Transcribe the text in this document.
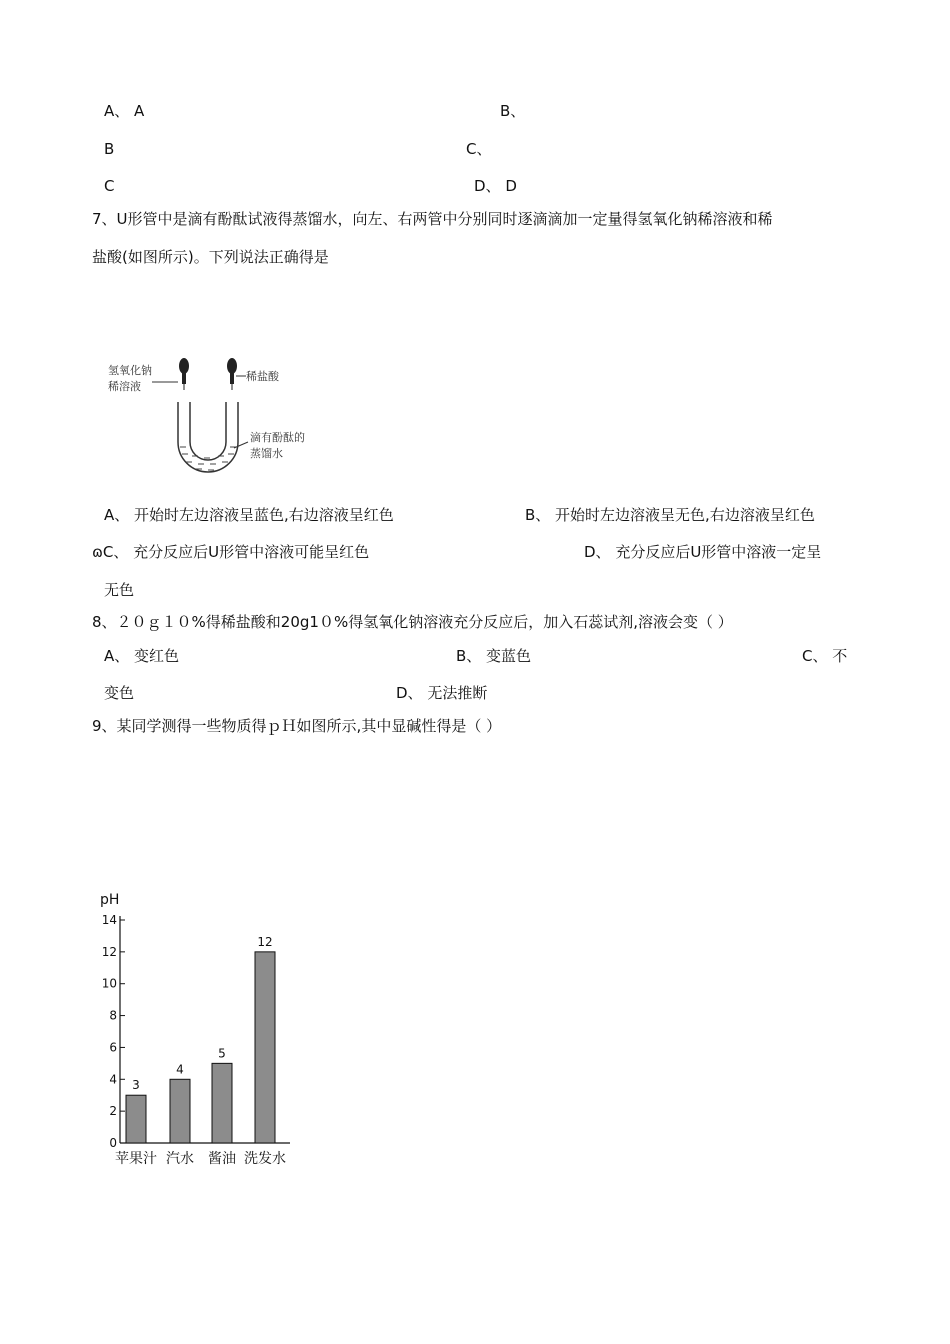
A、 A	B、
B	C、
C	D、 D
7、U形管中是滴有酚酞试液得蒸馏水，向左、右两管中分别同时逐滴滴加一定量得氢氧化钠稀溶液和稀
盐酸(如图所示)。下列说法正确得是
氢氧化钠
稀溶液
稀盐酸
滴有酚酞的
蒸馏水
A、 开始时左边溶液呈蓝色,右边溶液呈红色	B、 开始时左边溶液呈无色,右边溶液呈红色
ɷC、 充分反应后U形管中溶液可能呈红色	D、 充分反应后U形管中溶液一定呈
无色
8、２０ｇ１０%得稀盐酸和20g1０%得氢氧化钠溶液充分反应后，加入石蕊试剂,溶液会变（ ）
A、 变红色	B、 变蓝色	C、 不
变色	D、 无法推断
9、某同学测得一些物质得ｐＨ如图所示,其中显碱性得是（ ）
pH
0
2
4
6
8
10
12
14
3
苹果汁
4
汽水
5
酱油
12
洗发水
